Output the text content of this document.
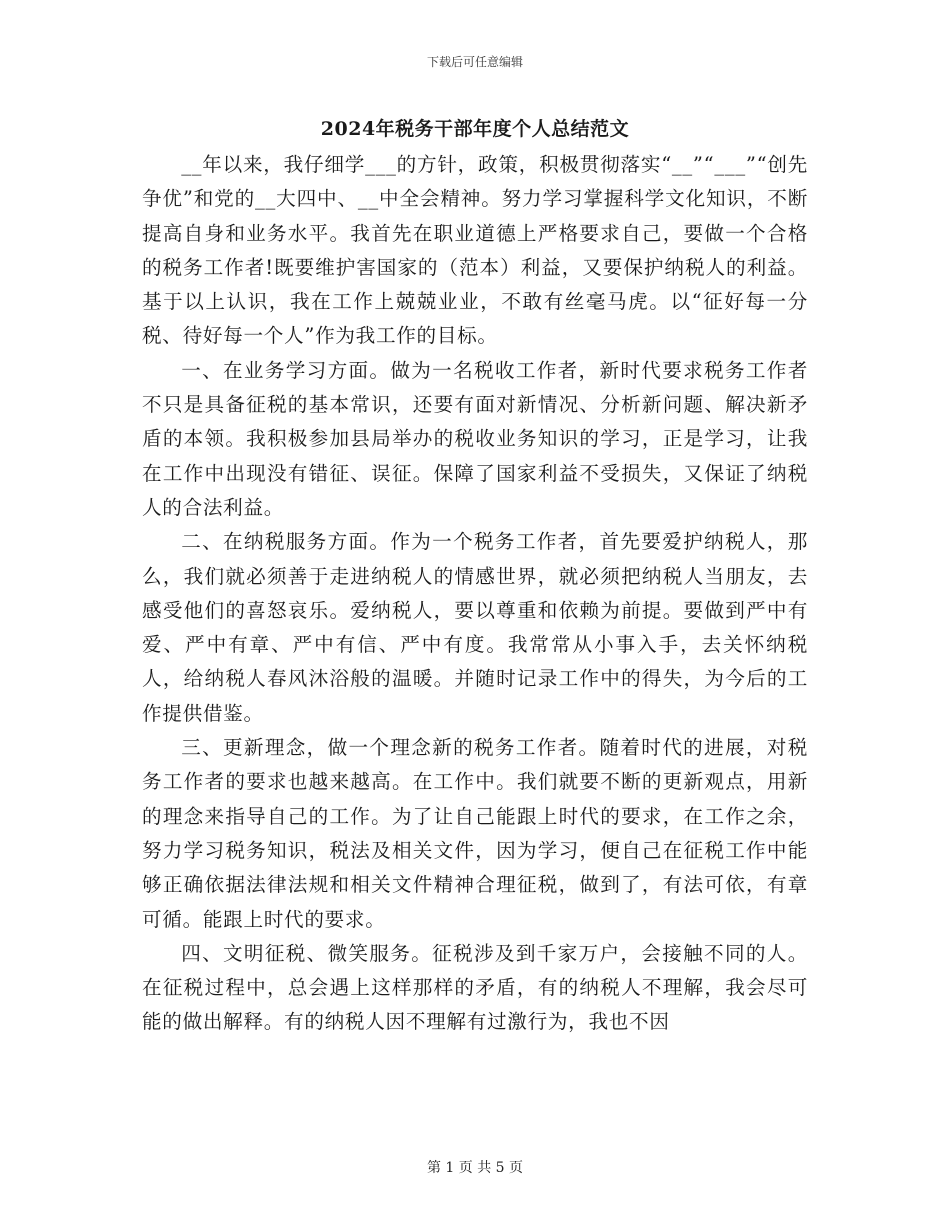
下载后可任意编辑
2024年税务干部年度个人总结范文

__年以来，我仔细学___的方针，政策，积极贯彻落实“__”“___”“创先争优”和党的__大四中、__中全会精神。努力学习掌握科学文化知识，不断提高自身和业务水平。我首先在职业道德上严格要求自己，要做一个合格的税务工作者!既要维护害国家的（范本）利益，又要保护纳税人的利益。基于以上认识，我在工作上兢兢业业，不敢有丝毫马虎。以“征好每一分税、待好每一个人”作为我工作的目标。

一、在业务学习方面。做为一名税收工作者，新时代要求税务工作者不只是具备征税的基本常识，还要有面对新情况、分析新问题、解决新矛盾的本领。我积极参加县局举办的税收业务知识的学习，正是学习，让我在工作中出现没有错征、误征。保障了国家利益不受损失，又保证了纳税人的合法利益。

二、在纳税服务方面。作为一个税务工作者，首先要爱护纳税人，那么，我们就必须善于走进纳税人的情感世界，就必须把纳税人当朋友，去感受他们的喜怒哀乐。爱纳税人，要以尊重和依赖为前提。要做到严中有爱、严中有章、严中有信、严中有度。我常常从小事入手，去关怀纳税人，给纳税人春风沐浴般的温暖。并随时记录工作中的得失，为今后的工作提供借鉴。

三、更新理念，做一个理念新的税务工作者。随着时代的进展，对税务工作者的要求也越来越高。在工作中。我们就要不断的更新观点，用新的理念来指导自己的工作。为了让自己能跟上时代的要求，在工作之余，努力学习税务知识，税法及相关文件，因为学习，便自己在征税工作中能够正确依据法律法规和相关文件精神合理征税，做到了，有法可依，有章可循。能跟上时代的要求。

四、文明征税、微笑服务。征税涉及到千家万户，会接触不同的人。在征税过程中，总会遇上这样那样的矛盾，有的纳税人不理解，我会尽可能的做出解释。有的纳税人因不理解有过激行为，我也不因

第 1 页 共 5 页
